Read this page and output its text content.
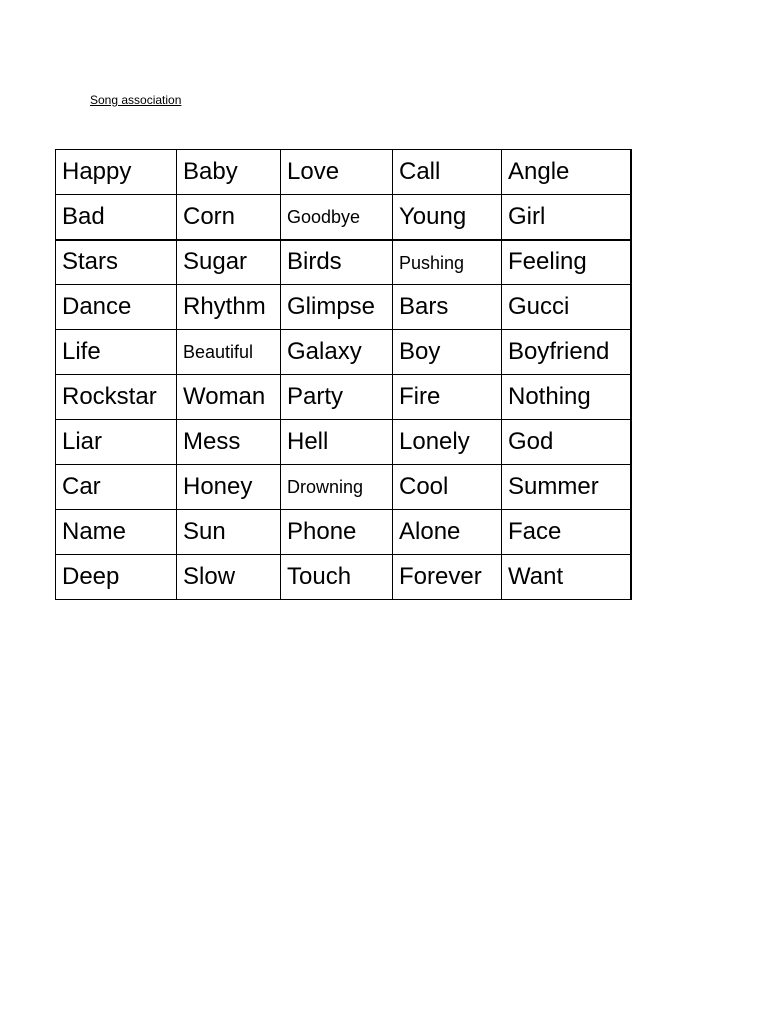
Song association
Happy	Baby	Love	Call	Angle
Bad	Corn	Goodbye	Young	Girl
Stars	Sugar	Birds	Pushing	Feeling
Dance	Rhythm	Glimpse	Bars	Gucci
Life	Beautiful	Galaxy	Boy	Boyfriend
Rockstar	Woman	Party	Fire	Nothing
Liar	Mess	Hell	Lonely	God
Car	Honey	Drowning	Cool	Summer
Name	Sun	Phone	Alone	Face
Deep	Slow	Touch	Forever	Want
